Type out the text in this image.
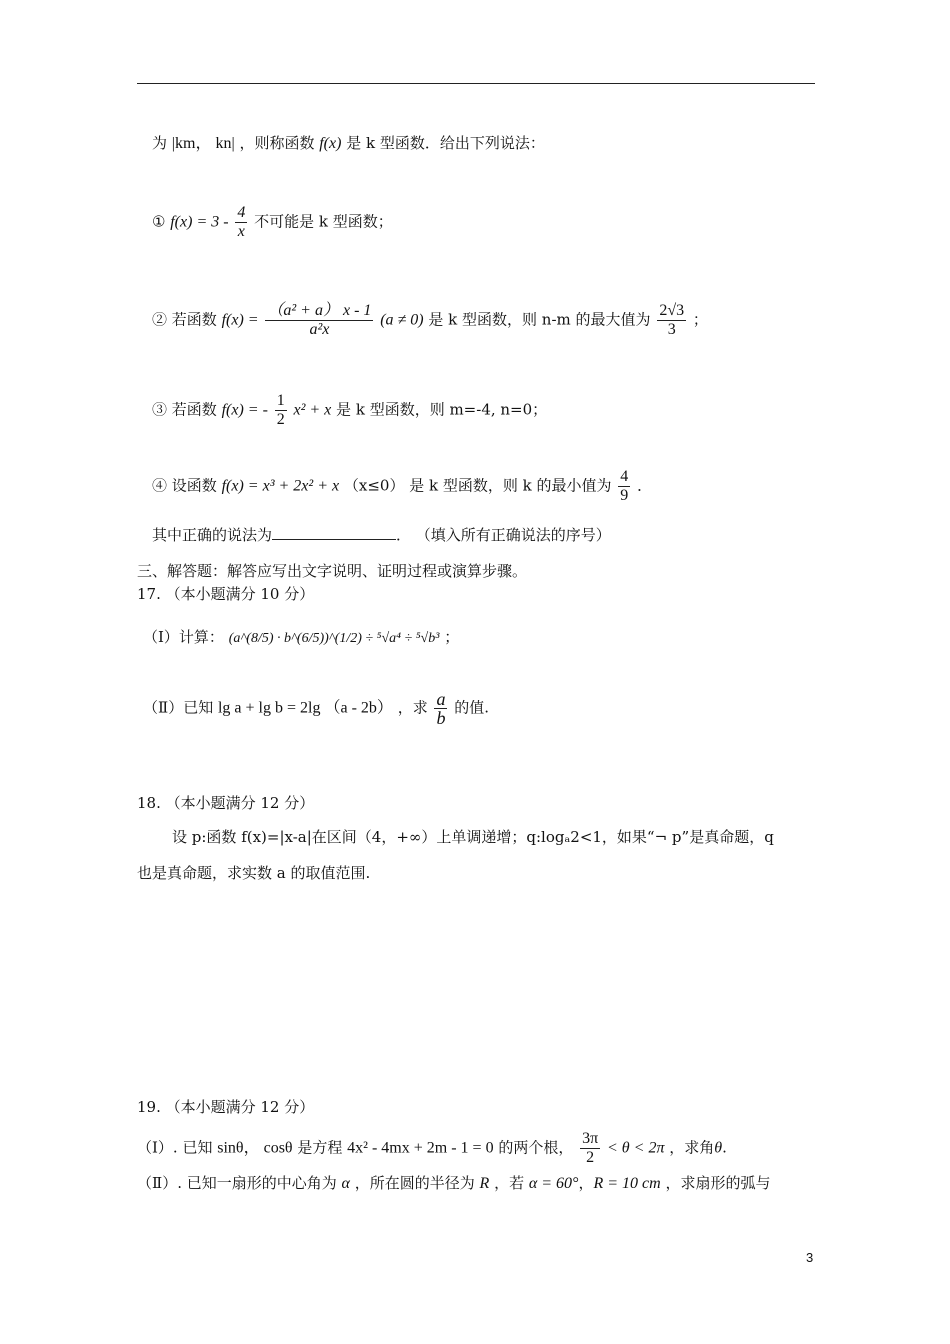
为 |km， kn| ，则称函数 f(x) 是 k 型函数．给出下列说法：
① $f(x) = 3 - \frac{4}{x}$ 不可能是 k 型函数；
② 若函数 $f(x) = \frac{\text{（a² + a） x - 1}}{\text{a²x}} (a \ne 0)$ 是 k 型函数，则 n-m 的最大值为 $\frac{2√3}{3}$ ；
③ 若函数 f(x) = - $\frac{1}{2} x^2 + x$ 是 k 型函数，则 m=-4, n=0；
④ 设函数 f(x) = x³ + 2x² + x （x≤0） 是 k 型函数，则 k 的最小值为 $\frac{4}{9}$ ．
其中正确的说法为	． （填入所有正确说法的序号）
三、解答题：解答应写出文字说明、证明过程或演算步骤。
17. （本小题满分 10 分）
（Ⅰ）计算： (a^(8/5) · b^(6/5))^(1/2) ÷ ⁵√a⁴ ÷ ⁵√b³ ；
（Ⅱ）已知 lg a + lg b = 2lg （a - 2b） ，求 $\frac{a}{b}$ 的值.
18. （本小题满分 12 分）
设 p:函数 f(x)=|x-a|在区间（4，+∞）上单调递增；q:logₐ2<1，如果“¬ p”是真命题，q
也是真命题，求实数 a 的取值范围.
19. （本小题满分 12 分）
（Ⅰ）. 已知 sinθ， cosθ 是方程 4x² - 4mx + 2m - 1 = 0 的两个根， $\frac{3\pi}{2} < \theta < 2\pi$ ，求角θ.
（Ⅱ）. 已知一扇形的中心角为 α ，所在圆的半径为 R ，若 α = 60°，R = 10 cm ，求扇形的弧与
3
